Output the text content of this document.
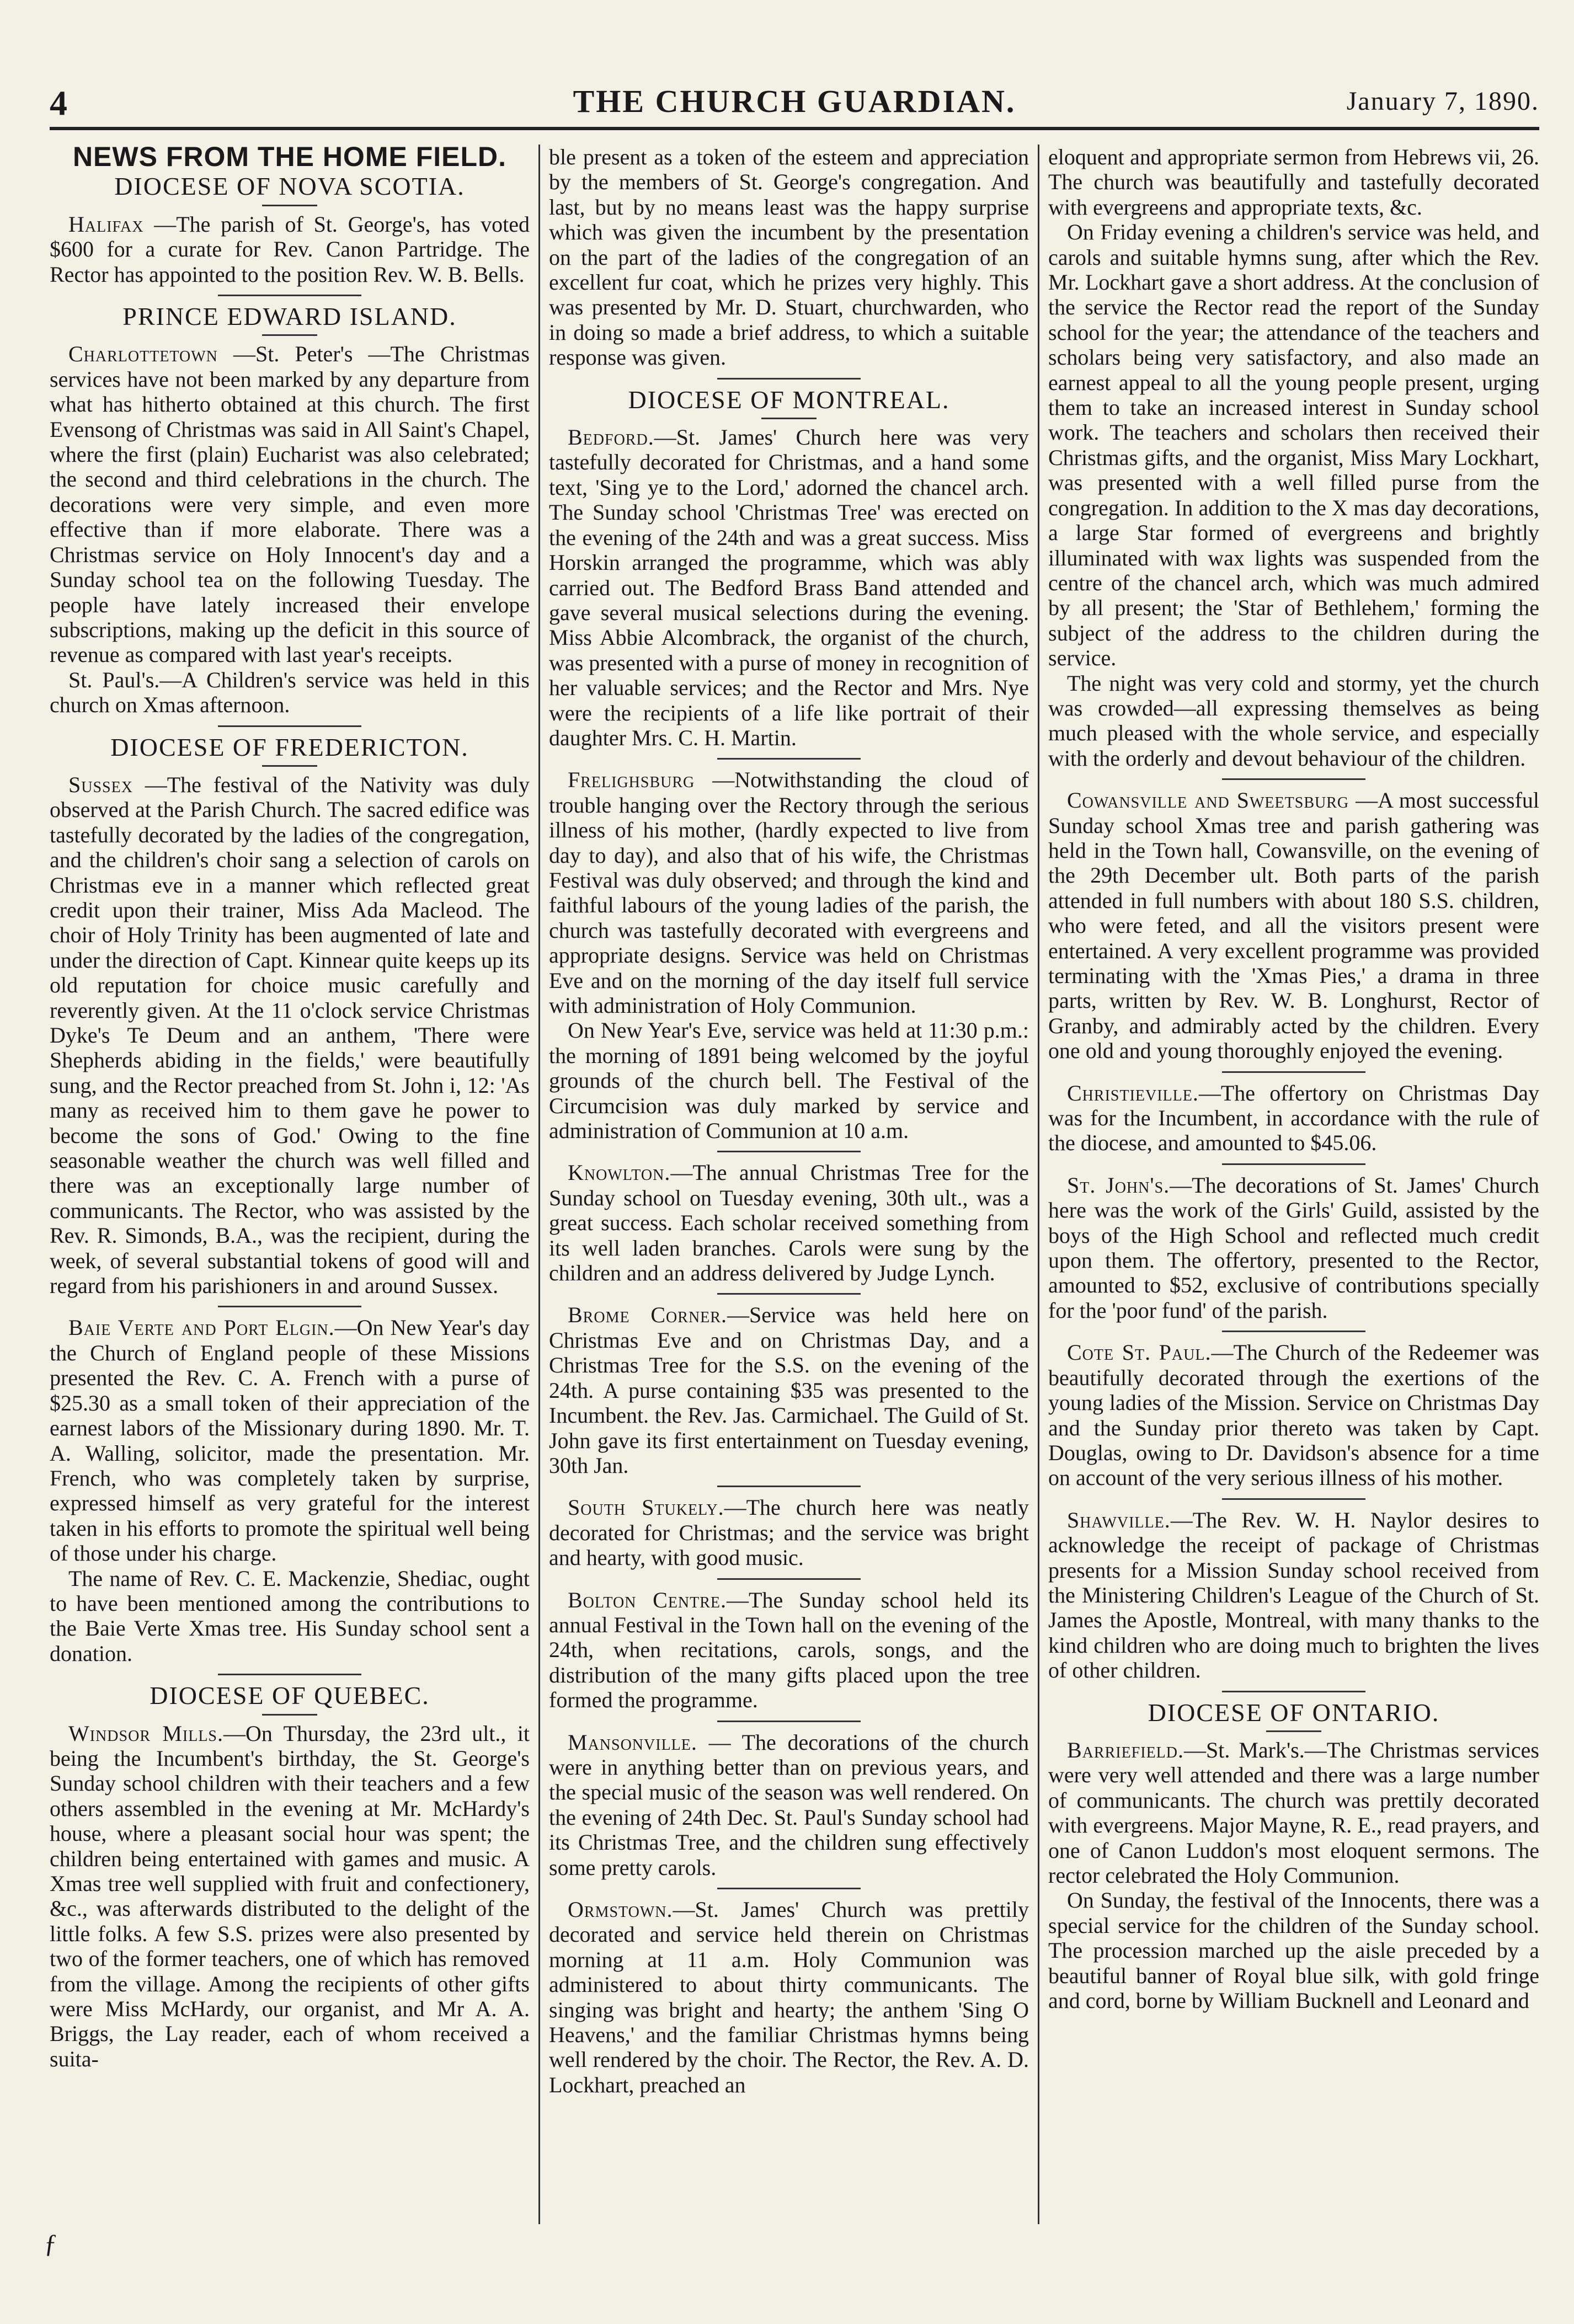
4	THE CHURCH GUARDIAN.	January 7, 1890.
NEWS FROM THE HOME FIELD.
DIOCESE OF NOVA SCOTIA.

Halifax —The parish of St. George's, has voted $600 for a curate for Rev. Canon Partridge. The Rector has appointed to the position Rev. W. B. Bells.

PRINCE EDWARD ISLAND.

Charlottetown —St. Peter's —The Christmas services have not been marked by any departure from what has hitherto obtained at this church. The first Evensong of Christmas was said in All Saint's Chapel, where the first (plain) Eucharist was also celebrated; the second and third celebrations in the church. The decorations were very simple, and even more effective than if more elaborate. There was a Christmas service on Holy Innocent's day and a Sunday school tea on the following Tuesday. The people have lately increased their envelope subscriptions, making up the deficit in this source of revenue as compared with last year's receipts.

St. Paul's.—A Children's service was held in this church on Xmas afternoon.

DIOCESE OF FREDERICTON.

Sussex —The festival of the Nativity was duly observed at the Parish Church. The sacred edifice was tastefully decorated by the ladies of the congregation, and the children's choir sang a selection of carols on Christmas eve in a manner which reflected great credit upon their trainer, Miss Ada Macleod. The choir of Holy Trinity has been augmented of late and under the direction of Capt. Kinnear quite keeps up its old reputation for choice music carefully and reverently given. At the 11 o'clock service Christmas Dyke's Te Deum and an anthem, 'There were Shepherds abiding in the fields,' were beautifully sung, and the Rector preached from St. John i, 12: 'As many as received him to them gave he power to become the sons of God.' Owing to the fine seasonable weather the church was well filled and there was an exceptionally large number of communicants. The Rector, who was assisted by the Rev. R. Simonds, B.A., was the recipient, during the week, of several substantial tokens of good will and regard from his parishioners in and around Sussex.

Baie Verte and Port Elgin.—On New Year's day the Church of England people of these Missions presented the Rev. C. A. French with a purse of $25.30 as a small token of their appreciation of the earnest labors of the Missionary during 1890. Mr. T. A. Walling, solicitor, made the presentation. Mr. French, who was completely taken by surprise, expressed himself as very grateful for the interest taken in his efforts to promote the spiritual well being of those under his charge.

The name of Rev. C. E. Mackenzie, Shediac, ought to have been mentioned among the contributions to the Baie Verte Xmas tree. His Sunday school sent a donation.

DIOCESE OF QUEBEC.

Windsor Mills.—On Thursday, the 23rd ult., it being the Incumbent's birthday, the St. George's Sunday school children with their teachers and a few others assembled in the evening at Mr. McHardy's house, where a pleasant social hour was spent; the children being entertained with games and music. A Xmas tree well supplied with fruit and confectionery, &c., was afterwards distributed to the delight of the little folks. A few S.S. prizes were also presented by two of the former teachers, one of which has removed from the village. Among the recipients of other gifts were Miss McHardy, our organist, and Mr A. A. Briggs, the Lay reader, each of whom received a suita-

ble present as a token of the esteem and appreciation by the members of St. George's congregation. And last, but by no means least was the happy surprise which was given the incumbent by the presentation on the part of the ladies of the congregation of an excellent fur coat, which he prizes very highly. This was presented by Mr. D. Stuart, churchwarden, who in doing so made a brief address, to which a suitable response was given.

DIOCESE OF MONTREAL.

Bedford.—St. James' Church here was very tastefully decorated for Christmas, and a hand some text, 'Sing ye to the Lord,' adorned the chancel arch. The Sunday school 'Christmas Tree' was erected on the evening of the 24th and was a great success. Miss Horskin arranged the programme, which was ably carried out. The Bedford Brass Band attended and gave several musical selections during the evening. Miss Abbie Alcombrack, the organist of the church, was presented with a purse of money in recognition of her valuable services; and the Rector and Mrs. Nye were the recipients of a life like portrait of their daughter Mrs. C. H. Martin.

Frelighsburg —Notwithstanding the cloud of trouble hanging over the Rectory through the serious illness of his mother, (hardly expected to live from day to day), and also that of his wife, the Christmas Festival was duly observed; and through the kind and faithful labours of the young ladies of the parish, the church was tastefully decorated with evergreens and appropriate designs. Service was held on Christmas Eve and on the morning of the day itself full service with administration of Holy Communion.

On New Year's Eve, service was held at 11:30 p.m.: the morning of 1891 being welcomed by the joyful grounds of the church bell. The Festival of the Circumcision was duly marked by service and administration of Communion at 10 a.m.

Knowlton.—The annual Christmas Tree for the Sunday school on Tuesday evening, 30th ult., was a great success. Each scholar received something from its well laden branches. Carols were sung by the children and an address delivered by Judge Lynch.

Brome Corner.—Service was held here on Christmas Eve and on Christmas Day, and a Christmas Tree for the S.S. on the evening of the 24th. A purse containing $35 was presented to the Incumbent. the Rev. Jas. Carmichael. The Guild of St. John gave its first entertainment on Tuesday evening, 30th Jan.

South Stukely.—The church here was neatly decorated for Christmas; and the service was bright and hearty, with good music.

Bolton Centre.—The Sunday school held its annual Festival in the Town hall on the evening of the 24th, when recitations, carols, songs, and the distribution of the many gifts placed upon the tree formed the programme.

Mansonville. — The decorations of the church were in anything better than on previous years, and the special music of the season was well rendered. On the evening of 24th Dec. St. Paul's Sunday school had its Christmas Tree, and the children sung effectively some pretty carols.

Ormstown.—St. James' Church was prettily decorated and service held therein on Christmas morning at 11 a.m. Holy Communion was administered to about thirty communicants. The singing was bright and hearty; the anthem 'Sing O Heavens,' and the familiar Christmas hymns being well rendered by the choir. The Rector, the Rev. A. D. Lockhart, preached an

eloquent and appropriate sermon from Hebrews vii, 26. The church was beautifully and tastefully decorated with evergreens and appropriate texts, &c.

On Friday evening a children's service was held, and carols and suitable hymns sung, after which the Rev. Mr. Lockhart gave a short address. At the conclusion of the service the Rector read the report of the Sunday school for the year; the attendance of the teachers and scholars being very satisfactory, and also made an earnest appeal to all the young people present, urging them to take an increased interest in Sunday school work. The teachers and scholars then received their Christmas gifts, and the organist, Miss Mary Lockhart, was presented with a well filled purse from the congregation. In addition to the X mas day decorations, a large Star formed of evergreens and brightly illuminated with wax lights was suspended from the centre of the chancel arch, which was much admired by all present; the 'Star of Bethlehem,' forming the subject of the address to the children during the service.

The night was very cold and stormy, yet the church was crowded—all expressing themselves as being much pleased with the whole service, and especially with the orderly and devout behaviour of the children.

Cowansville and Sweetsburg —A most successful Sunday school Xmas tree and parish gathering was held in the Town hall, Cowansville, on the evening of the 29th December ult. Both parts of the parish attended in full numbers with about 180 S.S. children, who were feted, and all the visitors present were entertained. A very excellent programme was provided terminating with the 'Xmas Pies,' a drama in three parts, written by Rev. W. B. Longhurst, Rector of Granby, and admirably acted by the children. Every one old and young thoroughly enjoyed the evening.

Christieville.—The offertory on Christmas Day was for the Incumbent, in accordance with the rule of the diocese, and amounted to $45.06.

St. John's.—The decorations of St. James' Church here was the work of the Girls' Guild, assisted by the boys of the High School and reflected much credit upon them. The offertory, presented to the Rector, amounted to $52, exclusive of contributions specially for the 'poor fund' of the parish.

Cote St. Paul.—The Church of the Redeemer was beautifully decorated through the exertions of the young ladies of the Mission. Service on Christmas Day and the Sunday prior thereto was taken by Capt. Douglas, owing to Dr. Davidson's absence for a time on account of the very serious illness of his mother.

Shawville.—The Rev. W. H. Naylor desires to acknowledge the receipt of package of Christmas presents for a Mission Sunday school received from the Ministering Children's League of the Church of St. James the Apostle, Montreal, with many thanks to the kind children who are doing much to brighten the lives of other children.

DIOCESE OF ONTARIO.

Barriefield.—St. Mark's.—The Christmas services were very well attended and there was a large number of communicants. The church was prettily decorated with evergreens. Major Mayne, R. E., read prayers, and one of Canon Luddon's most eloquent sermons. The rector celebrated the Holy Communion.

On Sunday, the festival of the Innocents, there was a special service for the children of the Sunday school. The procession marched up the aisle preceded by a beautiful banner of Royal blue silk, with gold fringe and cord, borne by William Bucknell and Leonard and

ƒ
